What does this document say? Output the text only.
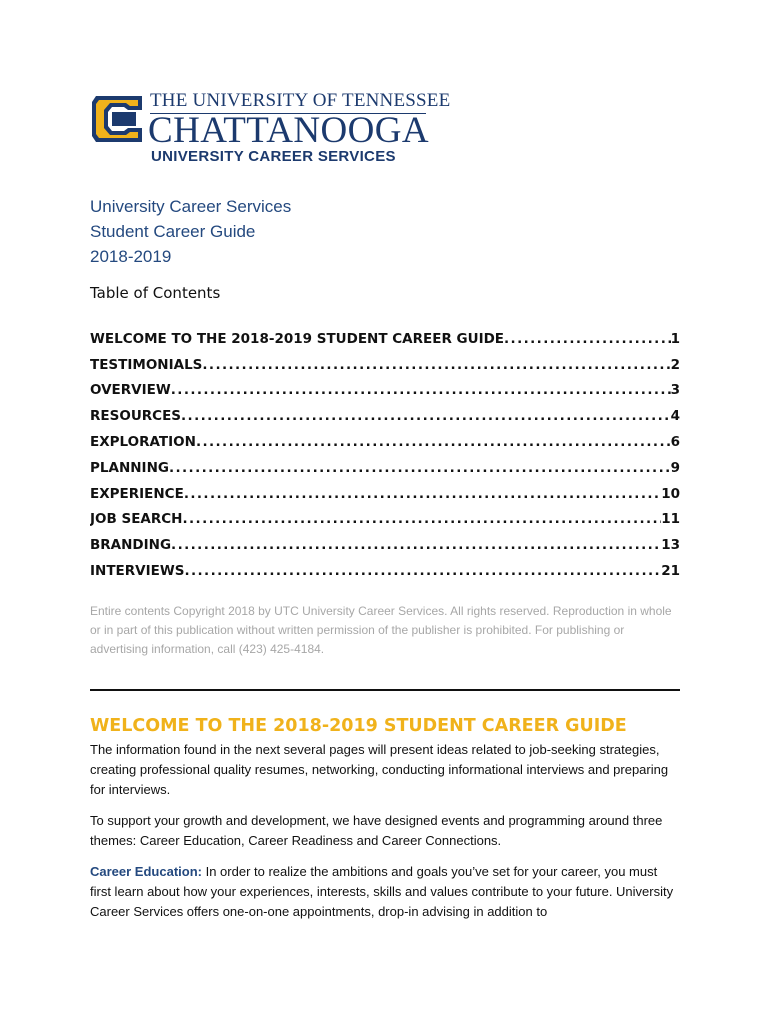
THE UNIVERSITY OF TENNESSEE
CHATTANOOGA
UNIVERSITY CAREER SERVICES
University Career Services
Student Career Guide
2018-2019
Table of Contents
WELCOME TO THE 2018-2019 STUDENT CAREER GUIDE .....	1
TESTIMONIALS .....	2
OVERVIEW .....	3
RESOURCES .....	4
EXPLORATION .....	6
PLANNING .....	9
EXPERIENCE .....	10
JOB SEARCH .....	11
BRANDING .....	13
INTERVIEWS .....	21
Entire contents Copyright 2018 by UTC University Career Services. All rights reserved. Reproduction in whole or in part of this publication without written permission of the publisher is prohibited. For publishing or advertising information, call (423) 425-4184.
WELCOME TO THE 2018-2019 STUDENT CAREER GUIDE

The information found in the next several pages will present ideas related to job-seeking strategies, creating professional quality resumes, networking, conducting informational interviews and preparing for interviews.

To support your growth and development, we have designed events and programming around three themes: Career Education, Career Readiness and Career Connections.

Career Education: In order to realize the ambitions and goals you’ve set for your career, you must first learn about how your experiences, interests, skills and values contribute to your future. University Career Services offers one-on-one appointments, drop-in advising in addition to
